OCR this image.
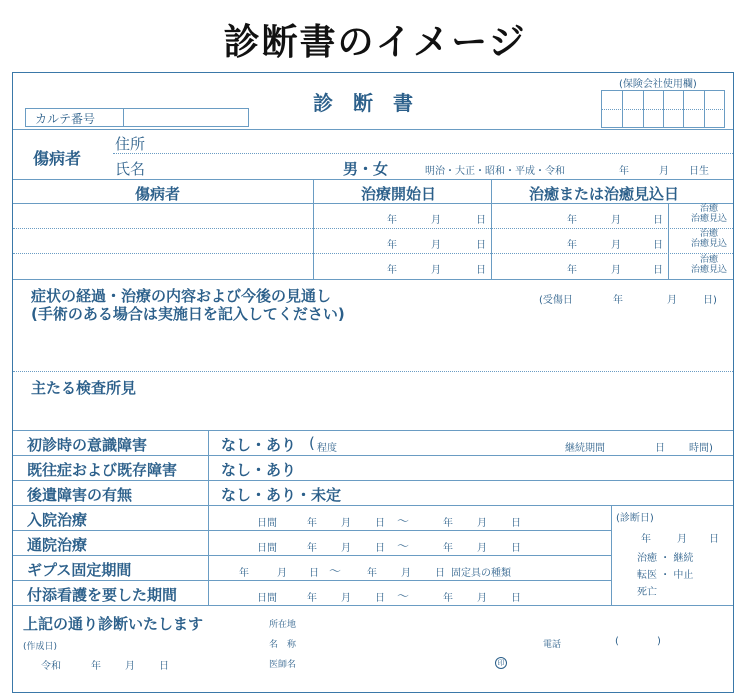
診断書のイメージ
診　断　書
(保険会社使用欄)
カルテ番号
傷病者
住所
氏名	男・女	明治・大正・昭和・平成・令和	年	月 日生
傷病者	治療開始日	治癒または治癒見込日
年	月	日	年	月	日
治癒
治癒見込
年	月	日	年	月	日
治癒
治癒見込
年	月	日	年	月	日
治癒
治癒見込
症状の経過・治療の内容および今後の見通し
(手術のある場合は実施日を記入してください)
(受傷日	年	月	日)
主たる検査所見
初診時の意識障害	なし・あり ( 程度	継続期間	日 時間)
既往症および既存障害	なし・あり
後遺障害の有無	なし・あり・未定
入院治療	日間	年 月 日 ～	年 月 日
通院治療	日間	年 月 日 ～	年 月 日
ギプス固定期間	年	月 日 ～	年 月 日 固定具の種類
付添看護を要した期間	日間	年 月 日 ～	年 月 日
(診断日)
年	月 日
治癒 ・ 継続
転医 ・ 中止
死亡
上記の通り診断いたします
(作成日)
令和	年 月 日
所在地
名　称	電話	(	)
医師名	印
